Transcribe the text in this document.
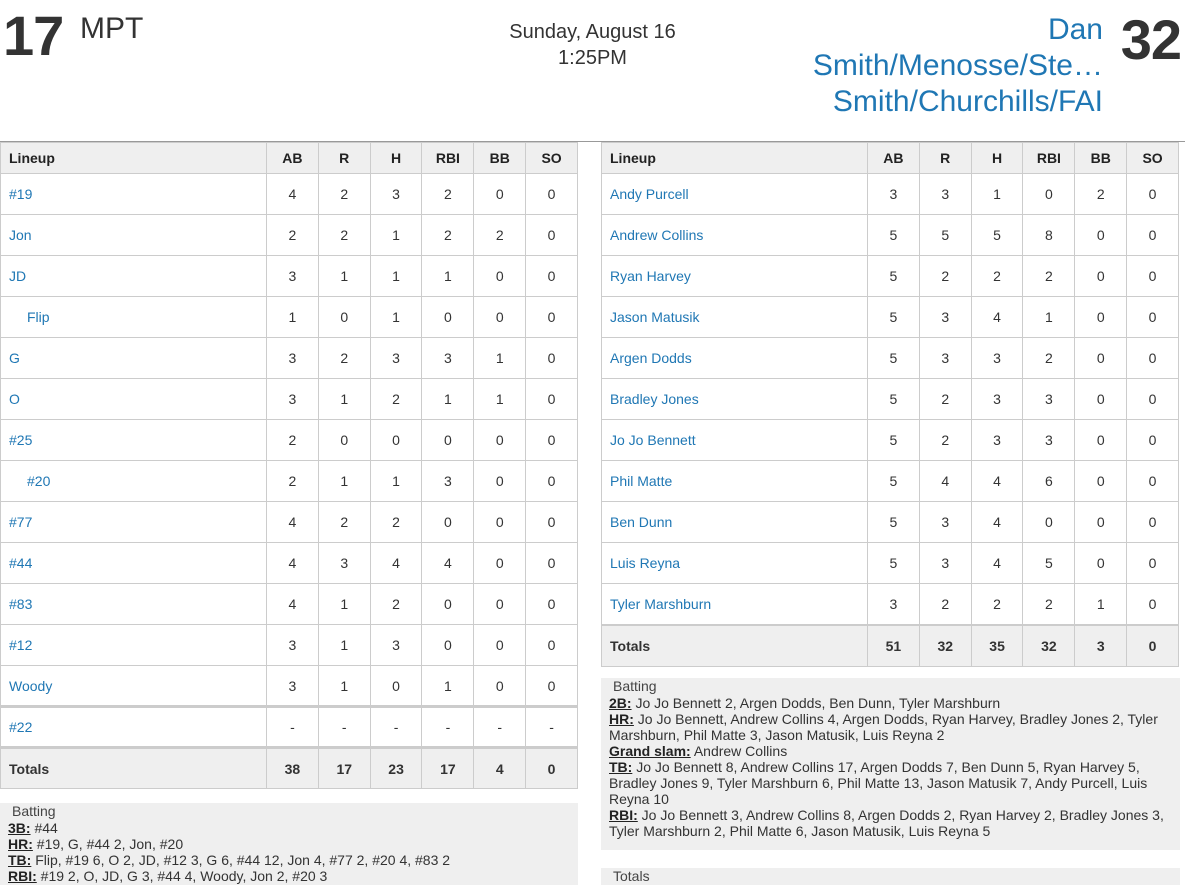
17 MPT	Sunday, August 16
1:25PM
Dan
Smith/Menosse/Ste…
Smith/Churchills/FAI
32
Lineup	AB	R	H	RBI	BB	SO
#19	4	2	3	2	0	0
Jon	2	2	1	2	2	0
JD	3	1	1	1	0	0
Flip	1	0	1	0	0	0
G	3	2	3	3	1	0
O	3	1	2	1	1	0
#25	2	0	0	0	0	0
#20	2	1	1	3	0	0
#77	4	2	2	0	0	0
#44	4	3	4	4	0	0
#83	4	1	2	0	0	0
#12	3	1	3	0	0	0
Woody	3	1	0	1	0	0
#22	-	-	-	-	-	-
Totals	38	17	23	17	4	0
Lineup	AB	R	H	RBI	BB	SO
Andy Purcell	3	3	1	0	2	0
Andrew Collins	5	5	5	8	0	0
Ryan Harvey	5	2	2	2	0	0
Jason Matusik	5	3	4	1	0	0
Argen Dodds	5	3	3	2	0	0
Bradley Jones	5	2	3	3	0	0
Jo Jo Bennett	5	2	3	3	0	0
Phil Matte	5	4	4	6	0	0
Ben Dunn	5	3	4	0	0	0
Luis Reyna	5	3	4	5	0	0
Tyler Marshburn	3	2	2	2	1	0
Totals	51	32	35	32	3	0
Batting
3B: #44
HR: #19, G, #44 2, Jon, #20
TB: Flip, #19 6, O 2, JD, #12 3, G 6, #44 12, Jon 4, #77 2, #20 4, #83 2
RBI: #19 2, O, JD, G 3, #44 4, Woody, Jon 2, #20 3
Batting
2B: Jo Jo Bennett 2, Argen Dodds, Ben Dunn, Tyler Marshburn
HR: Jo Jo Bennett, Andrew Collins 4, Argen Dodds, Ryan Harvey, Bradley Jones 2, Tyler Marshburn, Phil Matte 3, Jason Matusik, Luis Reyna 2
Grand slam: Andrew Collins
TB: Jo Jo Bennett 8, Andrew Collins 17, Argen Dodds 7, Ben Dunn 5, Ryan Harvey 5, Bradley Jones 9, Tyler Marshburn 6, Phil Matte 13, Jason Matusik 7, Andy Purcell, Luis Reyna 10
RBI: Jo Jo Bennett 3, Andrew Collins 8, Argen Dodds 2, Ryan Harvey 2, Bradley Jones 3, Tyler Marshburn 2, Phil Matte 6, Jason Matusik, Luis Reyna 5
Totals
